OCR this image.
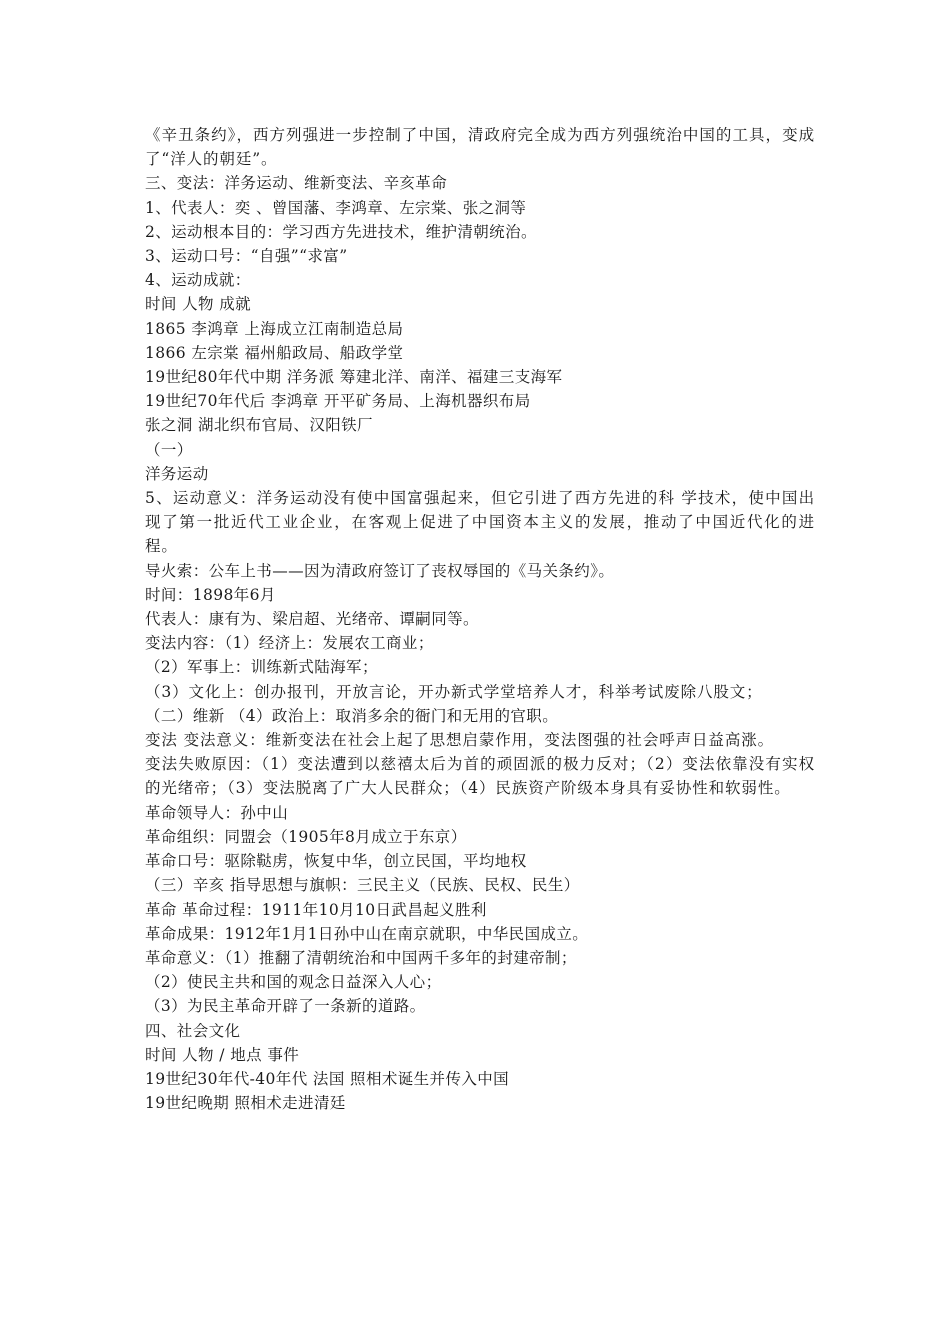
《辛丑条约》，西方列强进一步控制了中国，清政府完全成为西方列强统治中国的工具，变成了“洋人的朝廷”。
三、变法：洋务运动、维新变法、辛亥革命
1、代表人：奕 、曾国藩、李鸿章、左宗棠、张之洞等
2、运动根本目的：学习西方先进技术，维护清朝统治。
3、运动口号：“自强”“求富”
4、运动成就：
时间 人物 成就
1865 李鸿章 上海成立江南制造总局
1866 左宗棠 福州船政局、船政学堂
19世纪80年代中期 洋务派 筹建北洋、南洋、福建三支海军
19世纪70年代后 李鸿章 开平矿务局、上海机器织布局
张之洞 湖北织布官局、汉阳铁厂
（一）
洋务运动
5、运动意义：洋务运动没有使中国富强起来，但它引进了西方先进的科 学技术，使中国出现了第一批近代工业企业，在客观上促进了中国资本主义的发展，推动了中国近代化的进程。
导火索：公车上书——因为清政府签订了丧权辱国的《马关条约》。
时间：1898年6月
代表人：康有为、梁启超、光绪帝、谭嗣同等。
变法内容：（1）经济上：发展农工商业；
（2）军事上：训练新式陆海军；
（3）文化上：创办报刊，开放言论，开办新式学堂培养人才，科举考试废除八股文；
（二）维新 （4）政治上：取消多余的衙门和无用的官职。
变法 变法意义：维新变法在社会上起了思想启蒙作用，变法图强的社会呼声日益高涨。
变法失败原因：（1）变法遭到以慈禧太后为首的顽固派的极力反对；（2）变法依靠没有实权的光绪帝；（3）变法脱离了广大人民群众；（4）民族资产阶级本身具有妥协性和软弱性。
革命领导人：孙中山
革命组织：同盟会（1905年8月成立于东京）
革命口号：驱除鞑虏，恢复中华，创立民国，平均地权
（三）辛亥 指导思想与旗帜：三民主义（民族、民权、民生）
革命 革命过程：1911年10月10日武昌起义胜利
革命成果：1912年1月1日孙中山在南京就职，中华民国成立。
革命意义：（1）推翻了清朝统治和中国两千多年的封建帝制；
（2）使民主共和国的观念日益深入人心；
（3）为民主革命开辟了一条新的道路。
四、社会文化
时间 人物 / 地点 事件
19世纪30年代-40年代 法国 照相术诞生并传入中国
19世纪晚期 照相术走进清廷
